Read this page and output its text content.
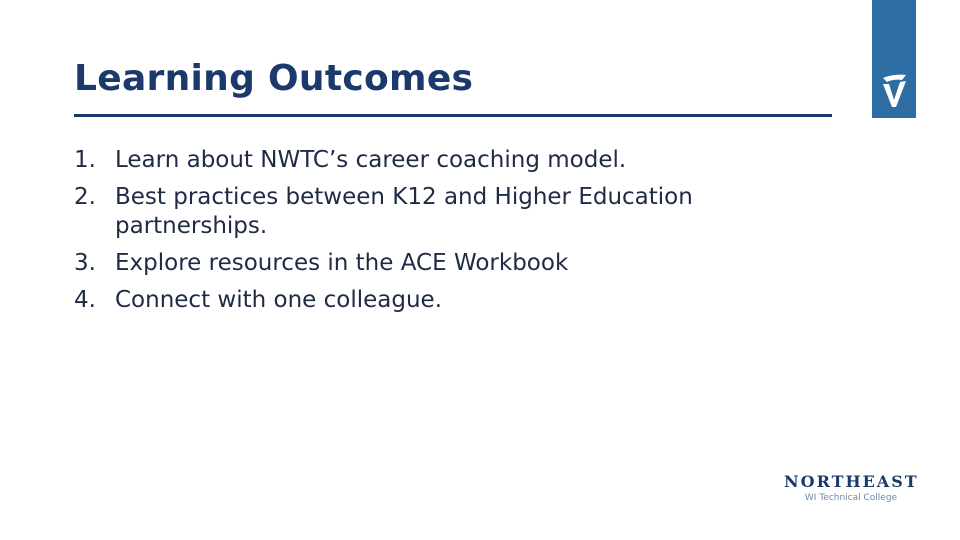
Learning Outcomes
1. Learn about NWTC’s career coaching model.
2. Best practices between K12 and Higher Education partnerships.
3. Explore resources in the ACE Workbook
4. Connect with one colleague.
NORTHEAST
WI Technical College
